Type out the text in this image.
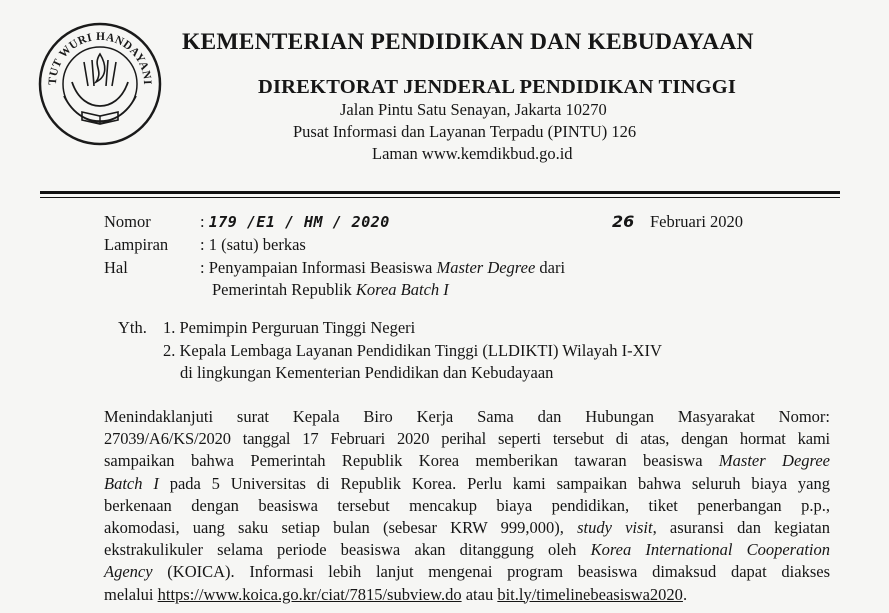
TUT WURI HANDAYANI
KEMENTERIAN PENDIDIKAN DAN KEBUDAYAAN
DIREKTORAT JENDERAL PENDIDIKAN TINGGI
Jalan Pintu Satu Senayan, Jakarta 10270
Pusat Informasi dan Layanan Terpadu (PINTU) 126
Laman www.kemdikbud.go.id
Nomor	: 179 /E1 / HM / 2020	26 Februari 2020
Lampiran : 1 (satu) berkas
Hal	: Penyampaian Informasi Beasiswa Master Degree dari
Pemerintah Republik Korea Batch I
Yth. 1. Pemimpin Perguruan Tinggi Negeri
2. Kepala Lembaga Layanan Pendidikan Tinggi (LLDIKTI) Wilayah I-XIV
di lingkungan Kementerian Pendidikan dan Kebudayaan
Menindaklanjuti surat Kepala Biro Kerja Sama dan Hubungan Masyarakat Nomor:
27039/A6/KS/2020 tanggal 17 Februari 2020 perihal seperti tersebut di atas, dengan hormat kami
sampaikan bahwa Pemerintah Republik Korea memberikan tawaran beasiswa Master Degree
Batch I pada 5 Universitas di Republik Korea. Perlu kami sampaikan bahwa seluruh biaya yang
berkenaan dengan beasiswa tersebut mencakup biaya pendidikan, tiket penerbangan p.p.,
akomodasi, uang saku setiap bulan (sebesar KRW 999,000), study visit, asuransi dan kegiatan
ekstrakulikuler selama periode beasiswa akan ditanggung oleh Korea International Cooperation
Agency (KOICA). Informasi lebih lanjut mengenai program beasiswa dimaksud dapat diakses
melalui https://www.koica.go.kr/ciat/7815/subview.do atau bit.ly/timelinebeasiswa2020.
